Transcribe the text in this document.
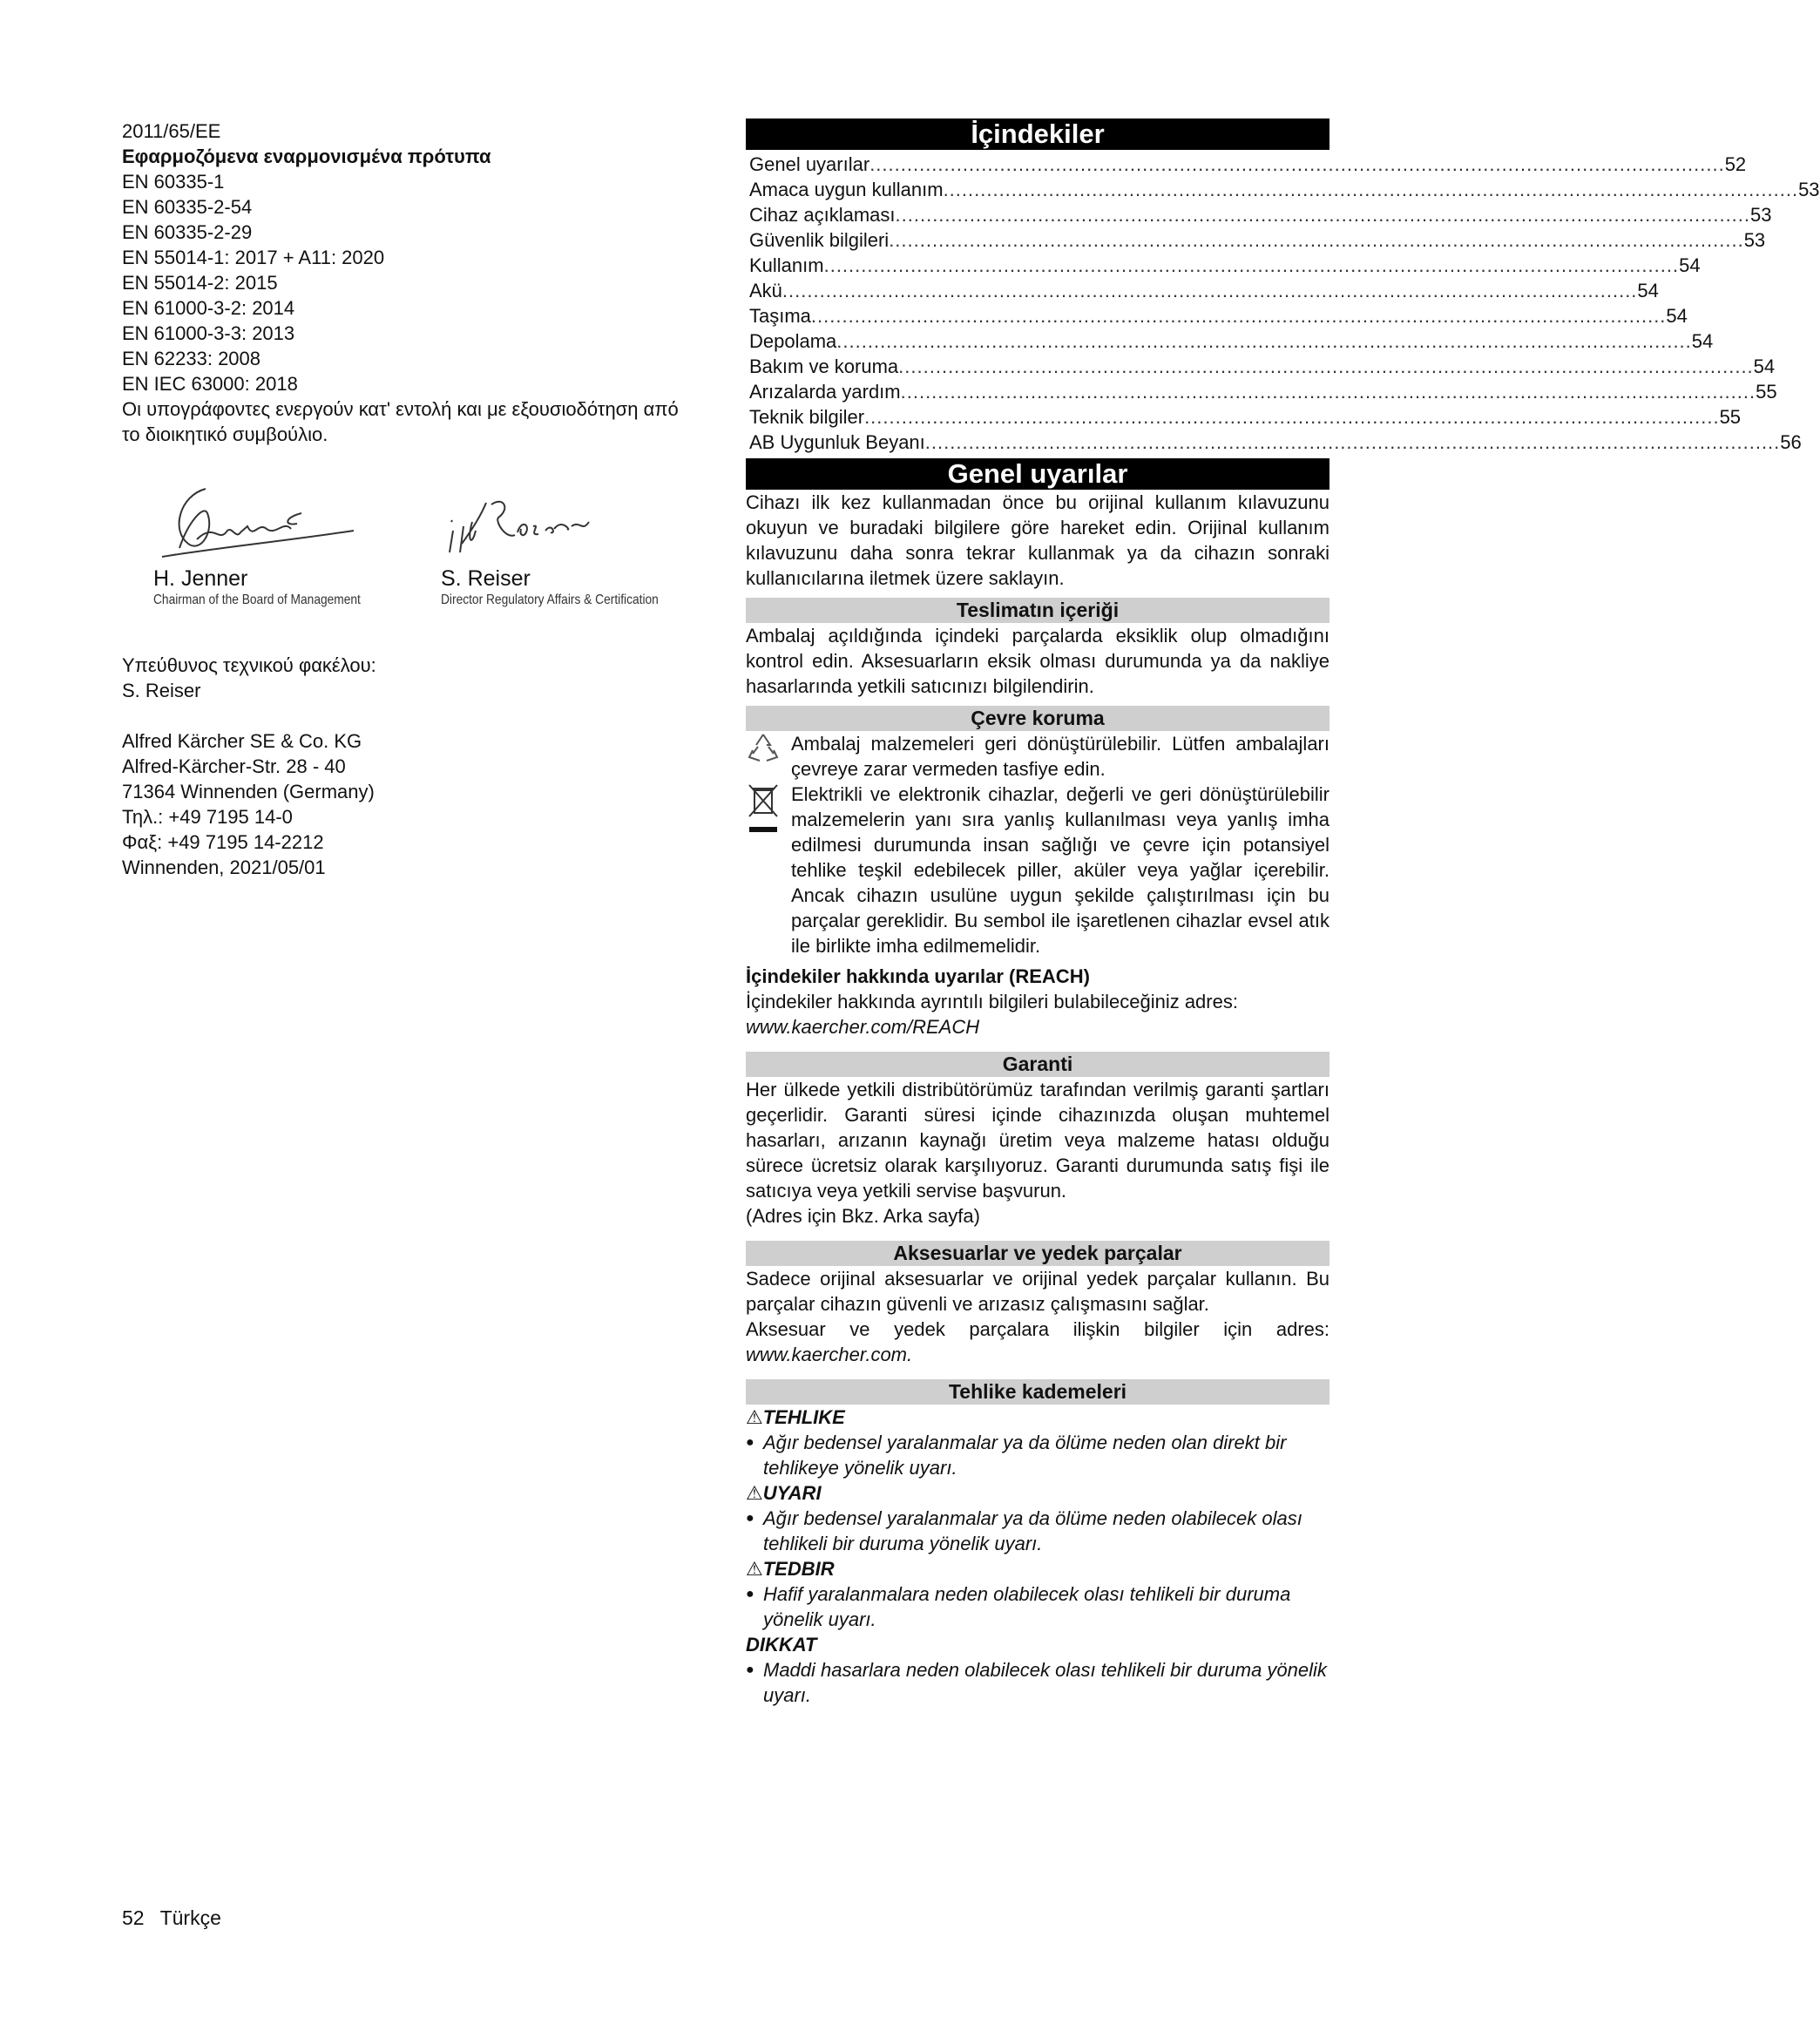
2011/65/EE

Εφαρμοζόμενα εναρμονισμένα πρότυπα

EN 60335-1

EN 60335-2-54

EN 60335-2-29

EN 55014-1: 2017 + A11: 2020

EN 55014-2: 2015

EN 61000-3-2: 2014

EN 61000-3-3: 2013

EN 62233: 2008

EN IEC 63000: 2018

Οι υπογράφοντες ενεργούν κατ' εντολή και με εξουσιοδότηση από το διοικητικό συμβούλιο.

H. Jenner
Chairman of the Board of Management
S. Reiser
Director Regulatory Affairs & Certification

Υπεύθυνος τεχνικού φακέλου:

S. Reiser

Alfred Kärcher SE & Co. KG

Alfred-Kärcher-Str. 28 - 40

71364 Winnenden (Germany)

Τηλ.: +49 7195 14-0

Φαξ: +49 7195 14-2212

Winnenden, 2021/05/01

İçindekiler
Genel uyarılar .......................................................................................................................................... 52
Amaca uygun kullanım .......................................................................................................................................... 53
Cihaz açıklaması .......................................................................................................................................... 53
Güvenlik bilgileri .......................................................................................................................................... 53
Kullanım .......................................................................................................................................... 54
Akü .......................................................................................................................................... 54
Taşıma .......................................................................................................................................... 54
Depolama .......................................................................................................................................... 54
Bakım ve koruma .......................................................................................................................................... 54
Arızalarda yardım .......................................................................................................................................... 55
Teknik bilgiler .......................................................................................................................................... 55
AB Uygunluk Beyanı .......................................................................................................................................... 56
Genel uyarılar

Cihazı ilk kez kullanmadan önce bu orijinal kullanım kılavuzunu okuyun ve buradaki bilgilere göre hareket edin. Orijinal kullanım kılavuzunu daha sonra tekrar kullanmak ya da cihazın sonraki kullanıcılarına iletmek üzere saklayın.

Teslimatın içeriği

Ambalaj açıldığında içindeki parçalarda eksiklik olup olmadığını kontrol edin. Aksesuarların eksik olması durumunda ya da nakliye hasarlarında yetkili satıcınızı bilgilendirin.

Çevre koruma

Ambalaj malzemeleri geri dönüştürülebilir. Lütfen ambalajları çevreye zarar vermeden tasfiye edin.

Elektrikli ve elektronik cihazlar, değerli ve geri dönüştürülebilir malzemelerin yanı sıra yanlış kullanılması veya yanlış imha edilmesi durumunda insan sağlığı ve çevre için potansiyel tehlike teşkil edebilecek piller, aküler veya yağlar içerebilir. Ancak cihazın usulüne uygun şekilde çalıştırılması için bu parçalar gereklidir. Bu sembol ile işaretlenen cihazlar evsel atık ile birlikte imha edilmemelidir.

İçindekiler hakkında uyarılar (REACH)

İçindekiler hakkında ayrıntılı bilgileri bulabileceğiniz adres:

www.kaercher.com/REACH

Garanti

Her ülkede yetkili distribütörümüz tarafından verilmiş garanti şartları geçerlidir. Garanti süresi içinde cihazınızda oluşan muhtemel hasarları, arızanın kaynağı üretim veya malzeme hatası olduğu sürece ücretsiz olarak karşılıyoruz. Garanti durumunda satış fişi ile satıcıya veya yetkili servise başvurun.

(Adres için Bkz. Arka sayfa)

Aksesuarlar ve yedek parçalar

Sadece orijinal aksesuarlar ve orijinal yedek parçalar kullanın. Bu parçalar cihazın güvenli ve arızasız çalışmasını sağlar.

Aksesuar ve yedek parçalara ilişkin bilgiler için adres: www.kaercher.com.

Tehlike kademeleri

⚠TEHLIKE

● Ağır bedensel yaralanmalar ya da ölüme neden olan direkt bir tehlikeye yönelik uyarı.

⚠UYARI

● Ağır bedensel yaralanmalar ya da ölüme neden olabilecek olası tehlikeli bir duruma yönelik uyarı.

⚠TEDBIR

● Hafif yaralanmalara neden olabilecek olası tehlikeli bir duruma yönelik uyarı.

DIKKAT

● Maddi hasarlara neden olabilecek olası tehlikeli bir duruma yönelik uyarı.

52 Türkçe
